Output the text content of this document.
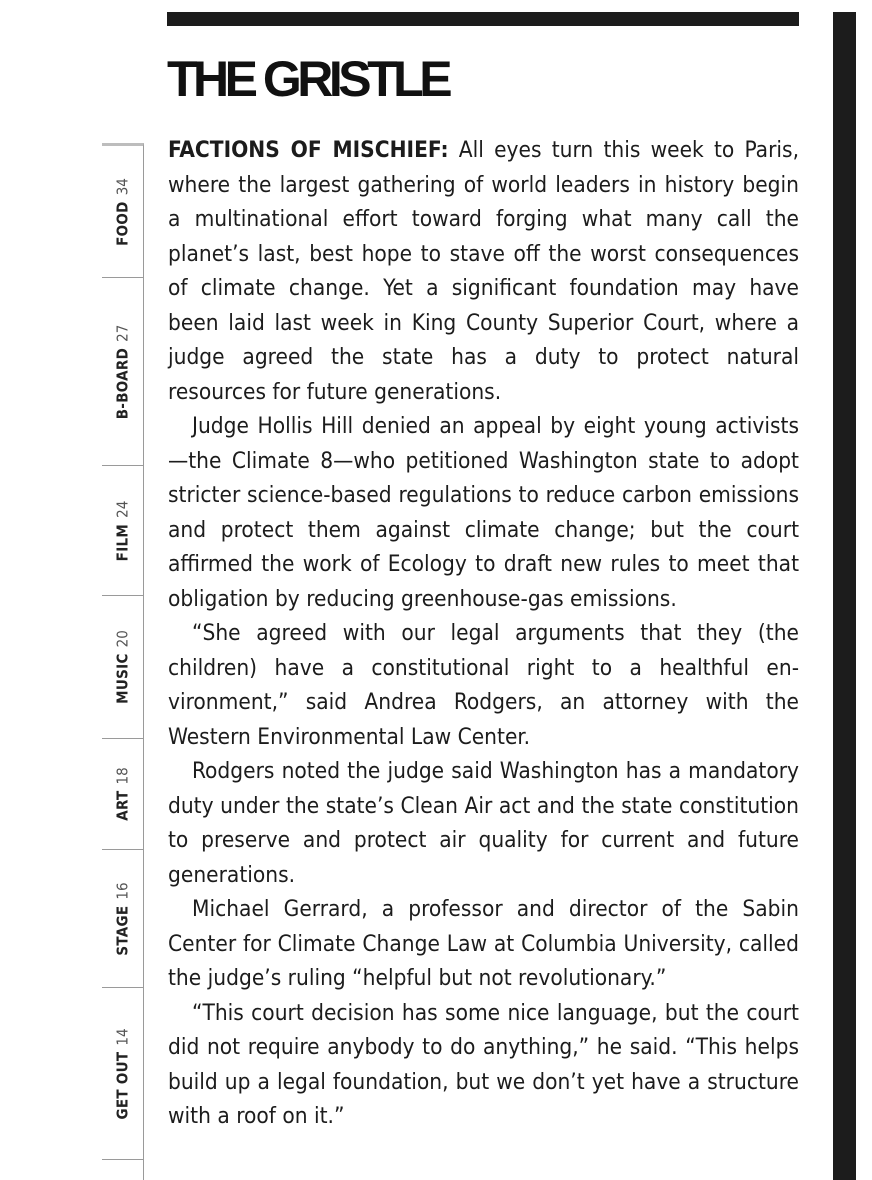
THE GRISTLE
FOOD34
B-BOARD27
FILM24
MUSIC20
ART18
STAGE16
GET OUT14

FACTIONS OF MISCHIEF: All eyes turn this week to Paris, where the largest gathering of world leaders in history begin a multinational effort toward forging what many call the planet’s last, best hope to stave off the worst consequences of climate change. Yet a significant foundation may have been laid last week in King County Superior Court, where a judge agreed the state has a duty to protect natural resources for future generations.

Judge Hollis Hill denied an appeal by eight young activists—the Climate 8—who petitioned Washington state to adopt stricter science-based regulations to reduce carbon emissions and protect them against climate change; but the court affirmed the work of Ecology to draft new rules to meet that obligation by reducing greenhouse-gas emissions.

“She agreed with our legal arguments that they (the children) have a constitutional right to a healthful environment,” said Andrea Rodgers, an attorney with the Western Environmental Law Center.

Rodgers noted the judge said Washington has a mandatory duty under the state’s Clean Air act and the state constitution to preserve and protect air quality for current and future generations.

Michael Gerrard, a professor and director of the Sabin Center for Climate Change Law at Columbia University, called the judge’s ruling “helpful but not revolutionary.”

“This court decision has some nice language, but the court did not require anybody to do anything,” he said. “This helps build up a legal foundation, but we don’t yet have a structure with a roof on it.”
